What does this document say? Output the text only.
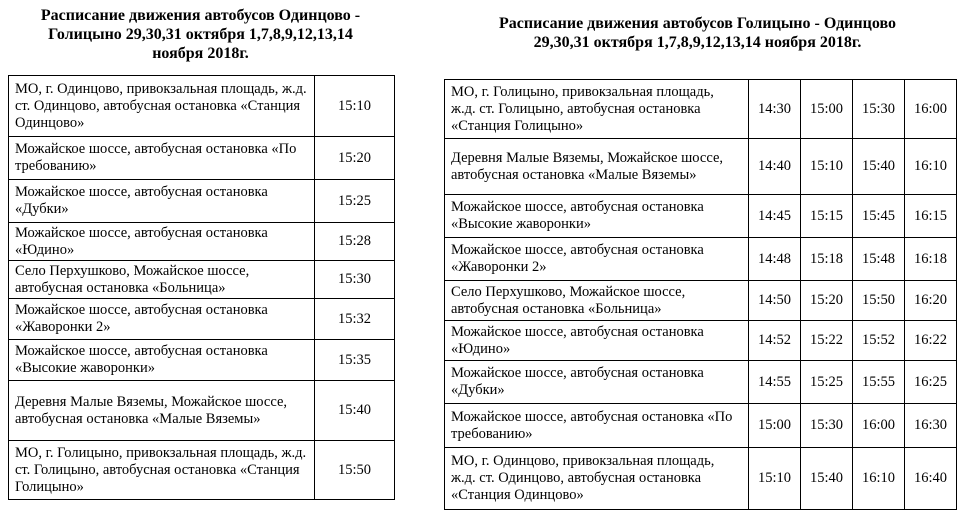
Расписание движения автобусов Одинцово -
Голицыно 29,30,31 октября 1,7,8,9,12,13,14
ноября 2018г.
Расписание движения автобусов Голицыно - Одинцово
29,30,31 октября 1,7,8,9,12,13,14 ноября 2018г.
МО, г. Одинцово, привокзальная площадь, ж.д. ст. Одинцово, автобусная остановка «Станция Одинцово»	15:10
Можайское шоссе, автобусная остановка «По требованию»	15:20
Можайское шоссе, автобусная остановка «Дубки»	15:25
Можайское шоссе, автобусная остановка «Юдино»	15:28
Село Перхушково, Можайское шоссе, автобусная остановка «Больница»	15:30
Можайское шоссе, автобусная остановка «Жаворонки 2»	15:32
Можайское шоссе, автобусная остановка «Высокие жаворонки»	15:35
Деревня Малые Вяземы, Можайское шоссе, автобусная остановка «Малые Вяземы»	15:40
МО, г. Голицыно, привокзальная площадь, ж.д. ст. Голицыно, автобусная остановка «Станция Голицыно»	15:50
МО, г. Голицыно, привокзальная площадь, ж.д. ст. Голицыно, автобусная остановка «Станция Голицыно»	14:30	15:00	15:30	16:00
Деревня Малые Вяземы, Можайское шоссе, автобусная остановка «Малые Вяземы»	14:40	15:10	15:40	16:10
Можайское шоссе, автобусная остановка «Высокие жаворонки»	14:45	15:15	15:45	16:15
Можайское шоссе, автобусная остановка «Жаворонки 2»	14:48	15:18	15:48	16:18
Село Перхушково, Можайское шоссе, автобусная остановка «Больница»	14:50	15:20	15:50	16:20
Можайское шоссе, автобусная остановка «Юдино»	14:52	15:22	15:52	16:22
Можайское шоссе, автобусная остановка «Дубки»	14:55	15:25	15:55	16:25
Можайское шоссе, автобусная остановка «По требованию»	15:00	15:30	16:00	16:30
МО, г. Одинцово, привокзальная площадь, ж.д. ст. Одинцово, автобусная остановка «Станция Одинцово»	15:10	15:40	16:10	16:40
